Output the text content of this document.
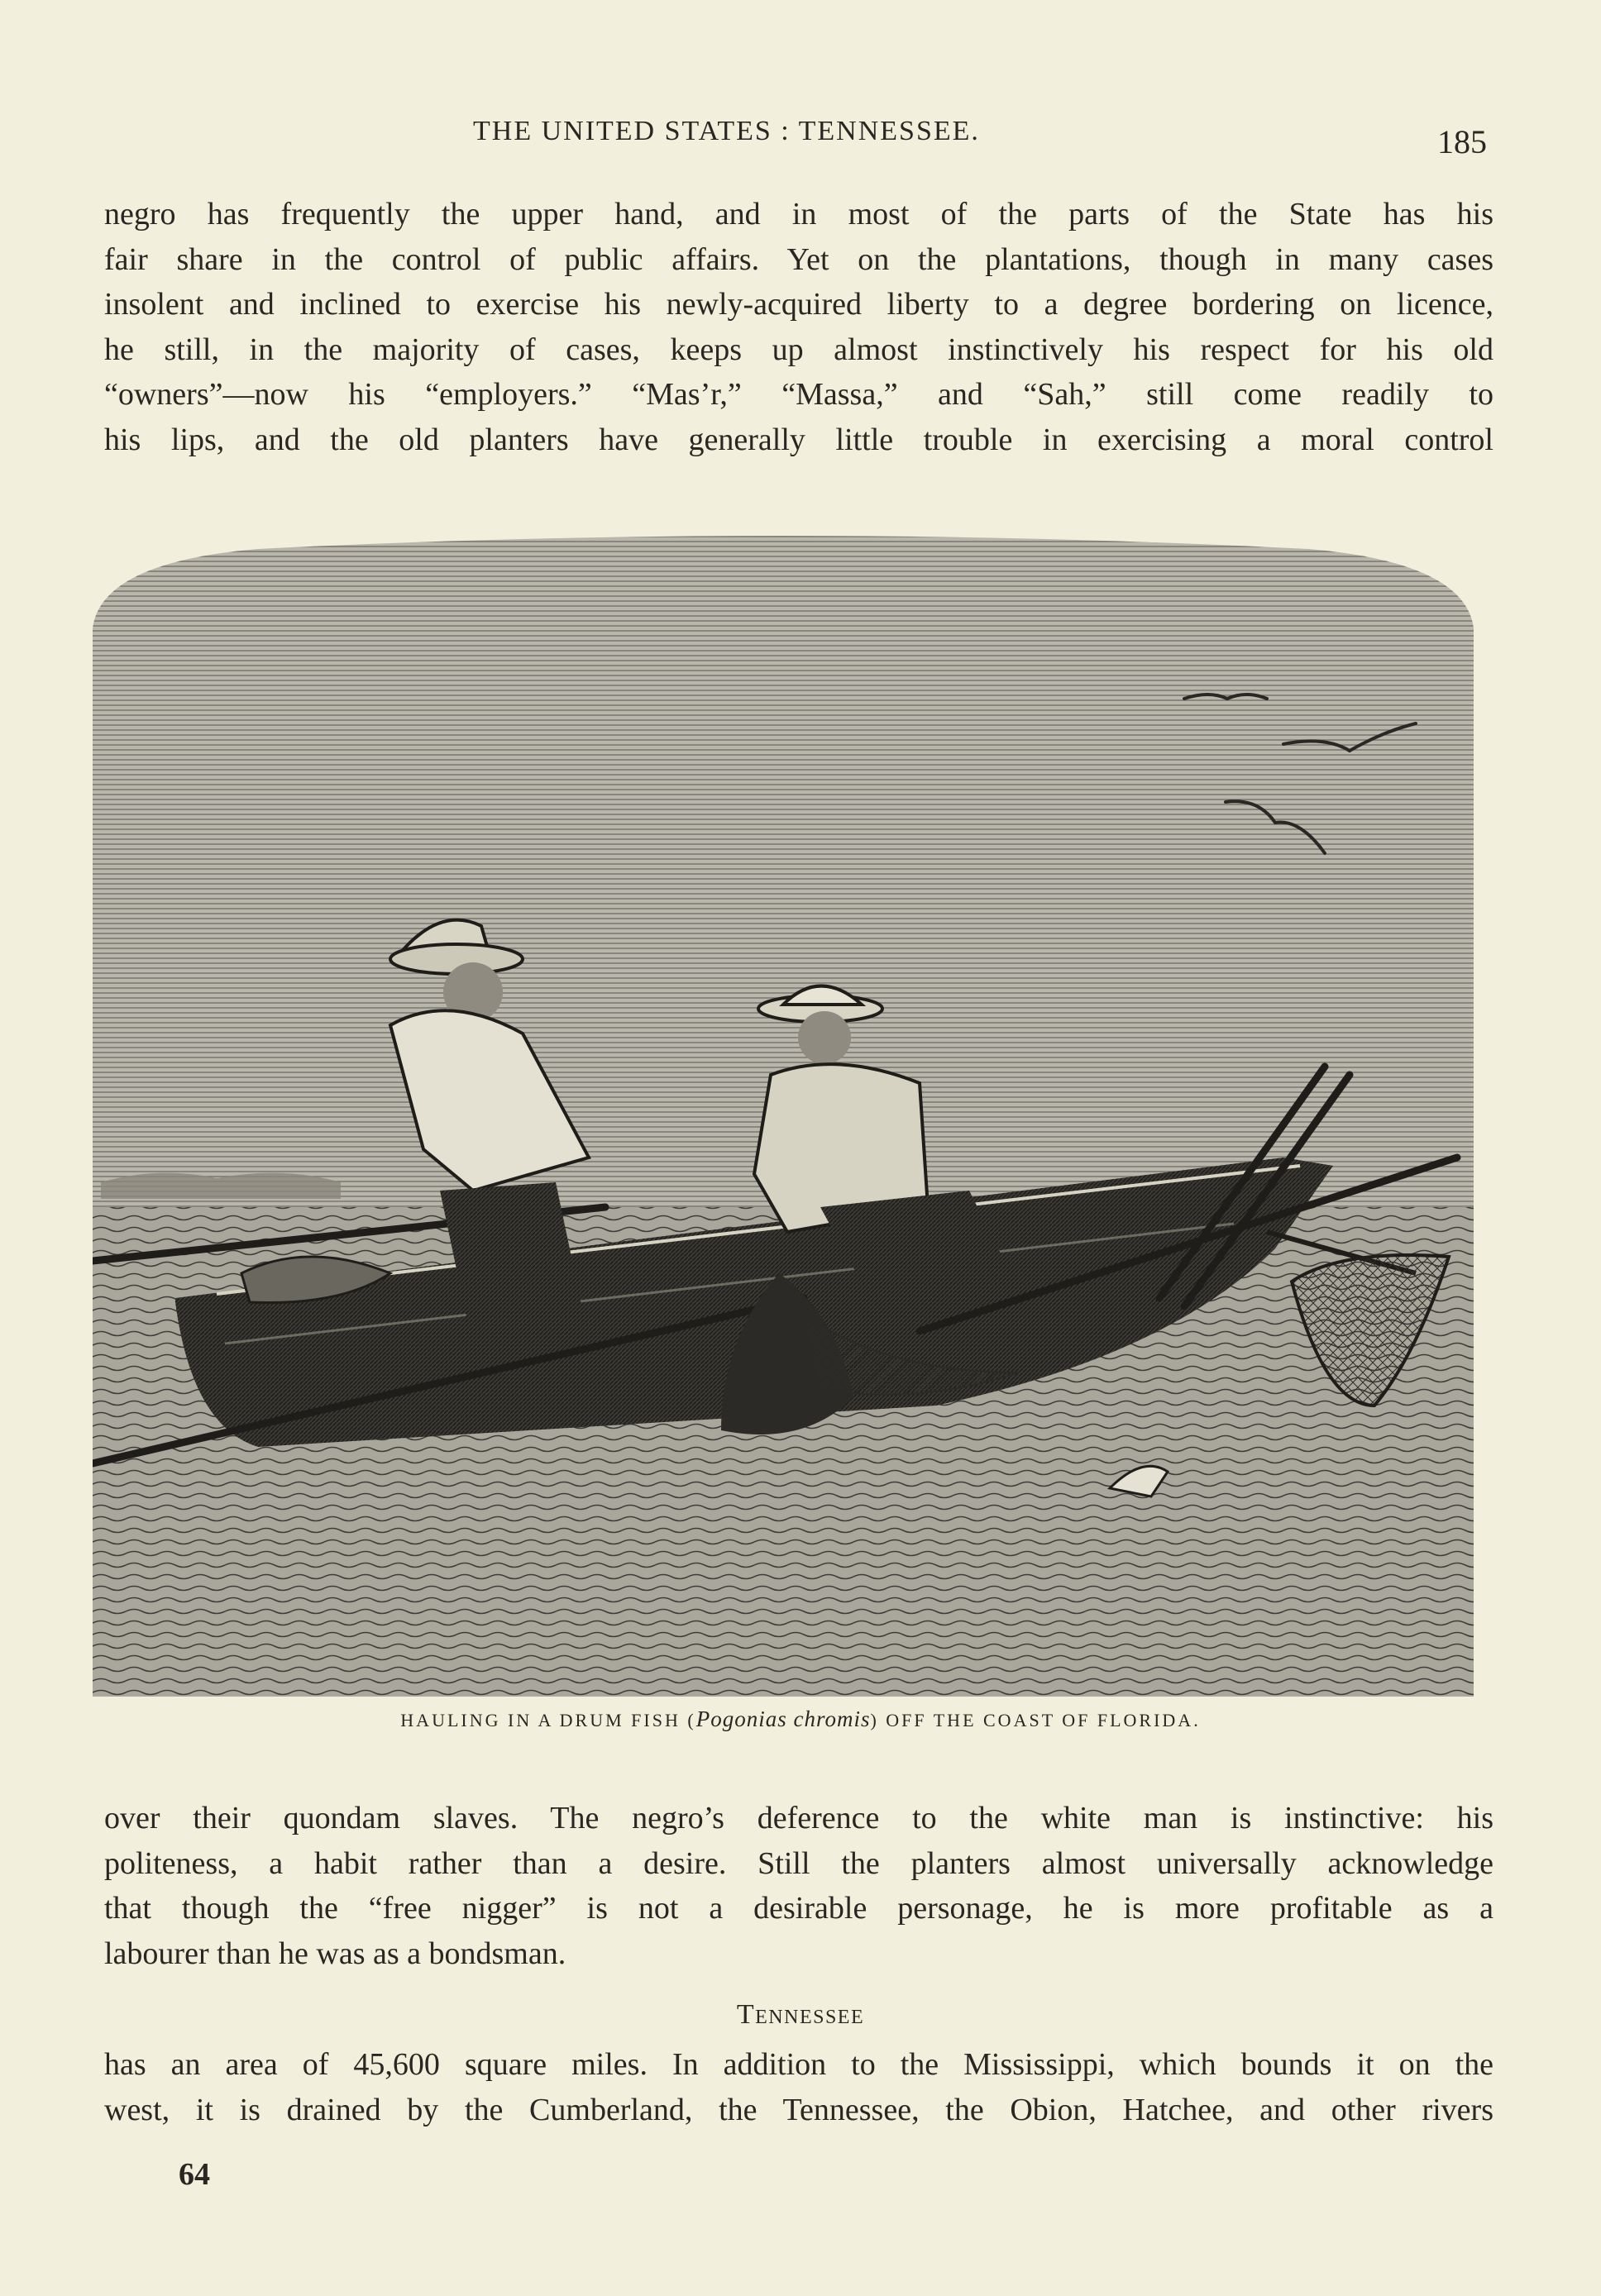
THE UNITED STATES : TENNESSEE.	185
negro has frequently the upper hand, and in most of the parts of the State has his
fair share in the control of public affairs. Yet on the plantations, though in many cases
insolent and inclined to exercise his newly-acquired liberty to a degree bordering on licence,
he still, in the majority of cases, keeps up almost instinctively his respect for his old
“owners”—now his “employers.” “Mas’r,” “Massa,” and “Sah,” still come readily to
his lips, and the old planters have generally little trouble in exercising a moral control
HAULING IN A DRUM FISH (Pogonias chromis) OFF THE COAST OF FLORIDA.
over their quondam slaves. The negro’s deference to the white man is instinctive: his
politeness, a habit rather than a desire. Still the planters almost universally acknowledge
that though the “free nigger” is not a desirable personage, he is more profitable as a
labourer than he was as a bondsman.
Tennessee
has an area of 45,600 square miles. In addition to the Mississippi, which bounds it on the
west, it is drained by the Cumberland, the Tennessee, the Obion, Hatchee, and other rivers
64
